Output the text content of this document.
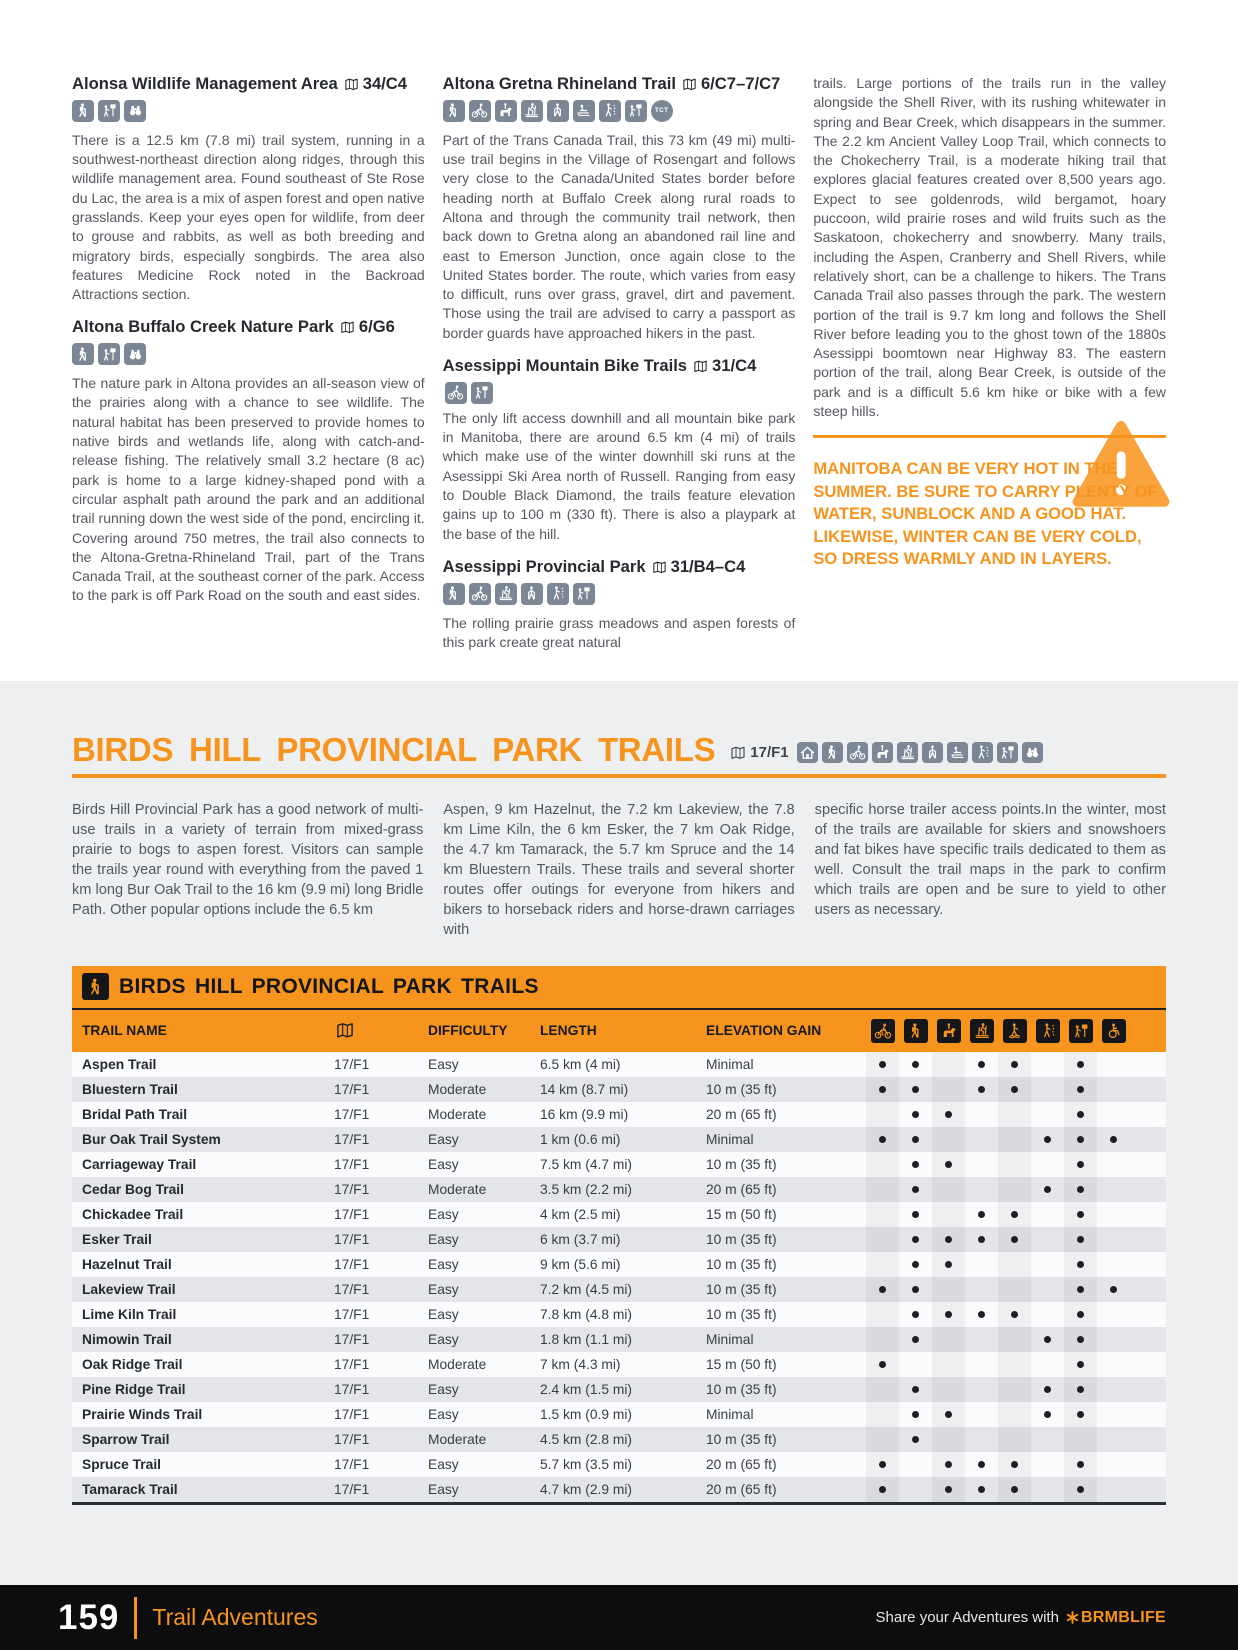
Alonsa Wildlife Management Area 34/C4

There is a 12.5 km (7.8 mi) trail system, running in a southwest-northeast direction along ridges, through this wildlife management area. Found southeast of Ste Rose du Lac, the area is a mix of aspen forest and open native grasslands. Keep your eyes open for wildlife, from deer to grouse and rabbits, as well as both breeding and migratory birds, especially songbirds. The area also features Medicine Rock noted in the Backroad Attractions section.

Altona Buffalo Creek Nature Park 6/G6

The nature park in Altona provides an all-season view of the prairies along with a chance to see wildlife. The natural habitat has been preserved to provide homes to native birds and wetlands life, along with catch-and-release fishing. The relatively small 3.2 hectare (8 ac) park is home to a large kidney-shaped pond with a circular asphalt path around the park and an additional trail running down the west side of the pond, encircling it. Covering around 750 metres, the trail also connects to the Altona-Gretna-Rhineland Trail, part of the Trans Canada Trail, at the southeast corner of the park. Access to the park is off Park Road on the south and east sides.

Altona Gretna Rhineland Trail 6/C7–7/C7
TCT

Part of the Trans Canada Trail, this 73 km (49 mi) multi-use trail begins in the Village of Rosengart and follows very close to the Canada/United States border before heading north at Buffalo Creek along rural roads to Altona and through the community trail network, then back down to Gretna along an abandoned rail line and east to Emerson Junction, once again close to the United States border. The route, which varies from easy to difficult, runs over grass, gravel, dirt and pavement. Those using the trail are advised to carry a passport as border guards have approached hikers in the past.

Asessippi Mountain Bike Trails 31/C4

The only lift access downhill and all mountain bike park in Manitoba, there are around 6.5 km (4 mi) of trails which make use of the winter downhill ski runs at the Asessippi Ski Area north of Russell. Ranging from easy to Double Black Diamond, the trails feature elevation gains up to 100 m (330 ft). There is also a playpark at the base of the hill.

Asessippi Provincial Park 31/B4–C4

The rolling prairie grass meadows and aspen forests of this park create great natural

trails. Large portions of the trails run in the valley alongside the Shell River, with its rushing whitewater in spring and Bear Creek, which disappears in the summer. The 2.2 km Ancient Valley Loop Trail, which connects to the Chokecherry Trail, is a moderate hiking trail that explores glacial features created over 8,500 years ago. Expect to see goldenrods, wild bergamot, hoary puccoon, wild prairie roses and wild fruits such as the Saskatoon, chokecherry and snowberry. Many trails, including the Aspen, Cranberry and Shell Rivers, while relatively short, can be a challenge to hikers. The Trans Canada Trail also passes through the park. The western portion of the trail is 9.7 km long and follows the Shell River before leading you to the ghost town of the 1880s Asessippi boomtown near Highway 83. The eastern portion of the trail, along Bear Creek, is outside of the park and is a difficult 5.6 km hike or bike with a few steep hills.

MANITOBA CAN BE VERY HOT IN THE SUMMER. BE SURE TO CARRY PLENTY OF WATER, SUNBLOCK AND A GOOD HAT. LIKEWISE, WINTER CAN BE VERY COLD, SO DRESS WARMLY AND IN LAYERS.

BIRDS HILL PROVINCIAL PARK TRAILS 17/F1

Birds Hill Provincial Park has a good network of multi-use trails in a variety of terrain from mixed-grass prairie to bogs to aspen forest. Visitors can sample the trails year round with everything from the paved 1 km long Bur Oak Trail to the 16 km (9.9 mi) long Bridle Path. Other popular options include the 6.5 km

Aspen, 9 km Hazelnut, the 7.2 km Lakeview, the 7.8 km Lime Kiln, the 6 km Esker, the 7 km Oak Ridge, the 4.7 km Tamarack, the 5.7 km Spruce and the 14 km Bluestern Trails. These trails and several shorter routes offer outings for everyone from hikers and bikers to horseback riders and horse-drawn carriages with

specific horse trailer access points.In the winter, most of the trails are available for skiers and snowshoers and fat bikes have specific trails dedicated to them as well. Consult the trail maps in the park to confirm which trails are open and be sure to yield to other users as necessary.

BIRDS HILL PROVINCIAL PARK TRAILS
TRAIL NAME	DIFFICULTY	LENGTH	ELEVATION GAIN
Aspen Trail	17/F1	Easy	6.5 km (4 mi)	Minimal
Bluestern Trail	17/F1	Moderate	14 km (8.7 mi)	10 m (35 ft)
Bridal Path Trail	17/F1	Moderate	16 km (9.9 mi)	20 m (65 ft)
Bur Oak Trail System	17/F1	Easy	1 km (0.6 mi)	Minimal
Carriageway Trail	17/F1	Easy	7.5 km (4.7 mi)	10 m (35 ft)
Cedar Bog Trail	17/F1	Moderate	3.5 km (2.2 mi)	20 m (65 ft)
Chickadee Trail	17/F1	Easy	4 km (2.5 mi)	15 m (50 ft)
Esker Trail	17/F1	Easy	6 km (3.7 mi)	10 m (35 ft)
Hazelnut Trail	17/F1	Easy	9 km (5.6 mi)	10 m (35 ft)
Lakeview Trail	17/F1	Easy	7.2 km (4.5 mi)	10 m (35 ft)
Lime Kiln Trail	17/F1	Easy	7.8 km (4.8 mi)	10 m (35 ft)
Nimowin Trail	17/F1	Easy	1.8 km (1.1 mi)	Minimal
Oak Ridge Trail	17/F1	Moderate	7 km (4.3 mi)	15 m (50 ft)
Pine Ridge Trail	17/F1	Easy	2.4 km (1.5 mi)	10 m (35 ft)
Prairie Winds Trail	17/F1	Easy	1.5 km (0.9 mi)	Minimal
Sparrow Trail	17/F1	Moderate	4.5 km (2.8 mi)	10 m (35 ft)
Spruce Trail	17/F1	Easy	5.7 km (3.5 mi)	20 m (65 ft)
Tamarack Trail	17/F1	Easy	4.7 km (2.9 mi)	20 m (65 ft)
159 Trail Adventures	Share your Adventures with BRMBLIFE
